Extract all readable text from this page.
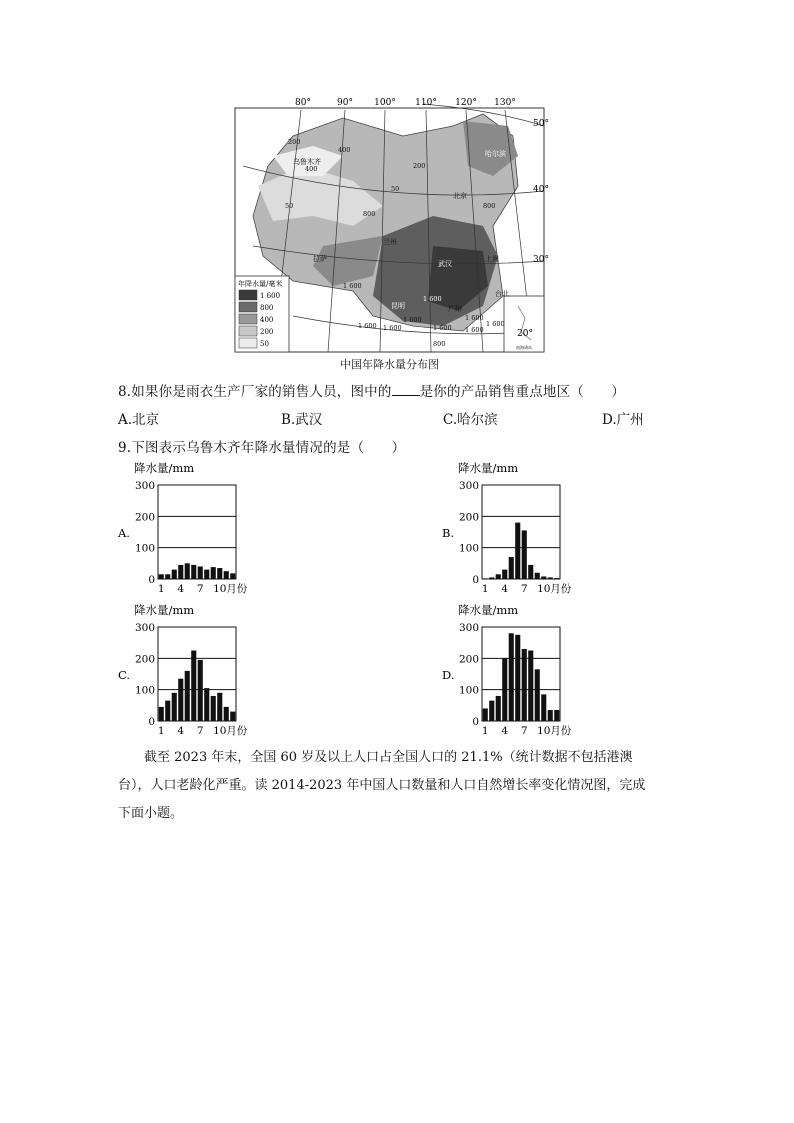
南海诸岛
80°	90° 100° 110° 120° 130°
50°
40°
30°
20°
乌鲁木齐
哈尔滨
北京
兰州
拉萨
武汉
上海
昆明	广州
台北
200
400
400
800
50
50
200
800
1 600
1 600 1 600
1 600
1 600
1 600
1 600
1 600
800
1 600
年降水量/毫米
1 600
800
400
200
50
中国年降水量分布图
8.如果你是雨衣生产厂家的销售人员，图中的 是你的产品销售重点地区（　　）
A.北京	B.武汉	C.哈尔滨	D.广州
9.下图表示乌鲁木齐年降水量情况的是（　　）
降水量/mm
A.
0
100
200
300
1 4 7 10 月份
降水量/mm
B.
0
100
200
300
1 4 7 10 月份
降水量/mm
C.
0
100
200
300
1 4 7 10 月份
降水量/mm
D.
0
100
200
300
1 4 7 10 月份
截至 2023 年末，全国 60 岁及以上人口占全国人口的 21.1%（统计数据不包括港澳
台），人口老龄化严重。读 2014-2023 年中国人口数量和人口自然增长率变化情况图，完成
下面小题。
